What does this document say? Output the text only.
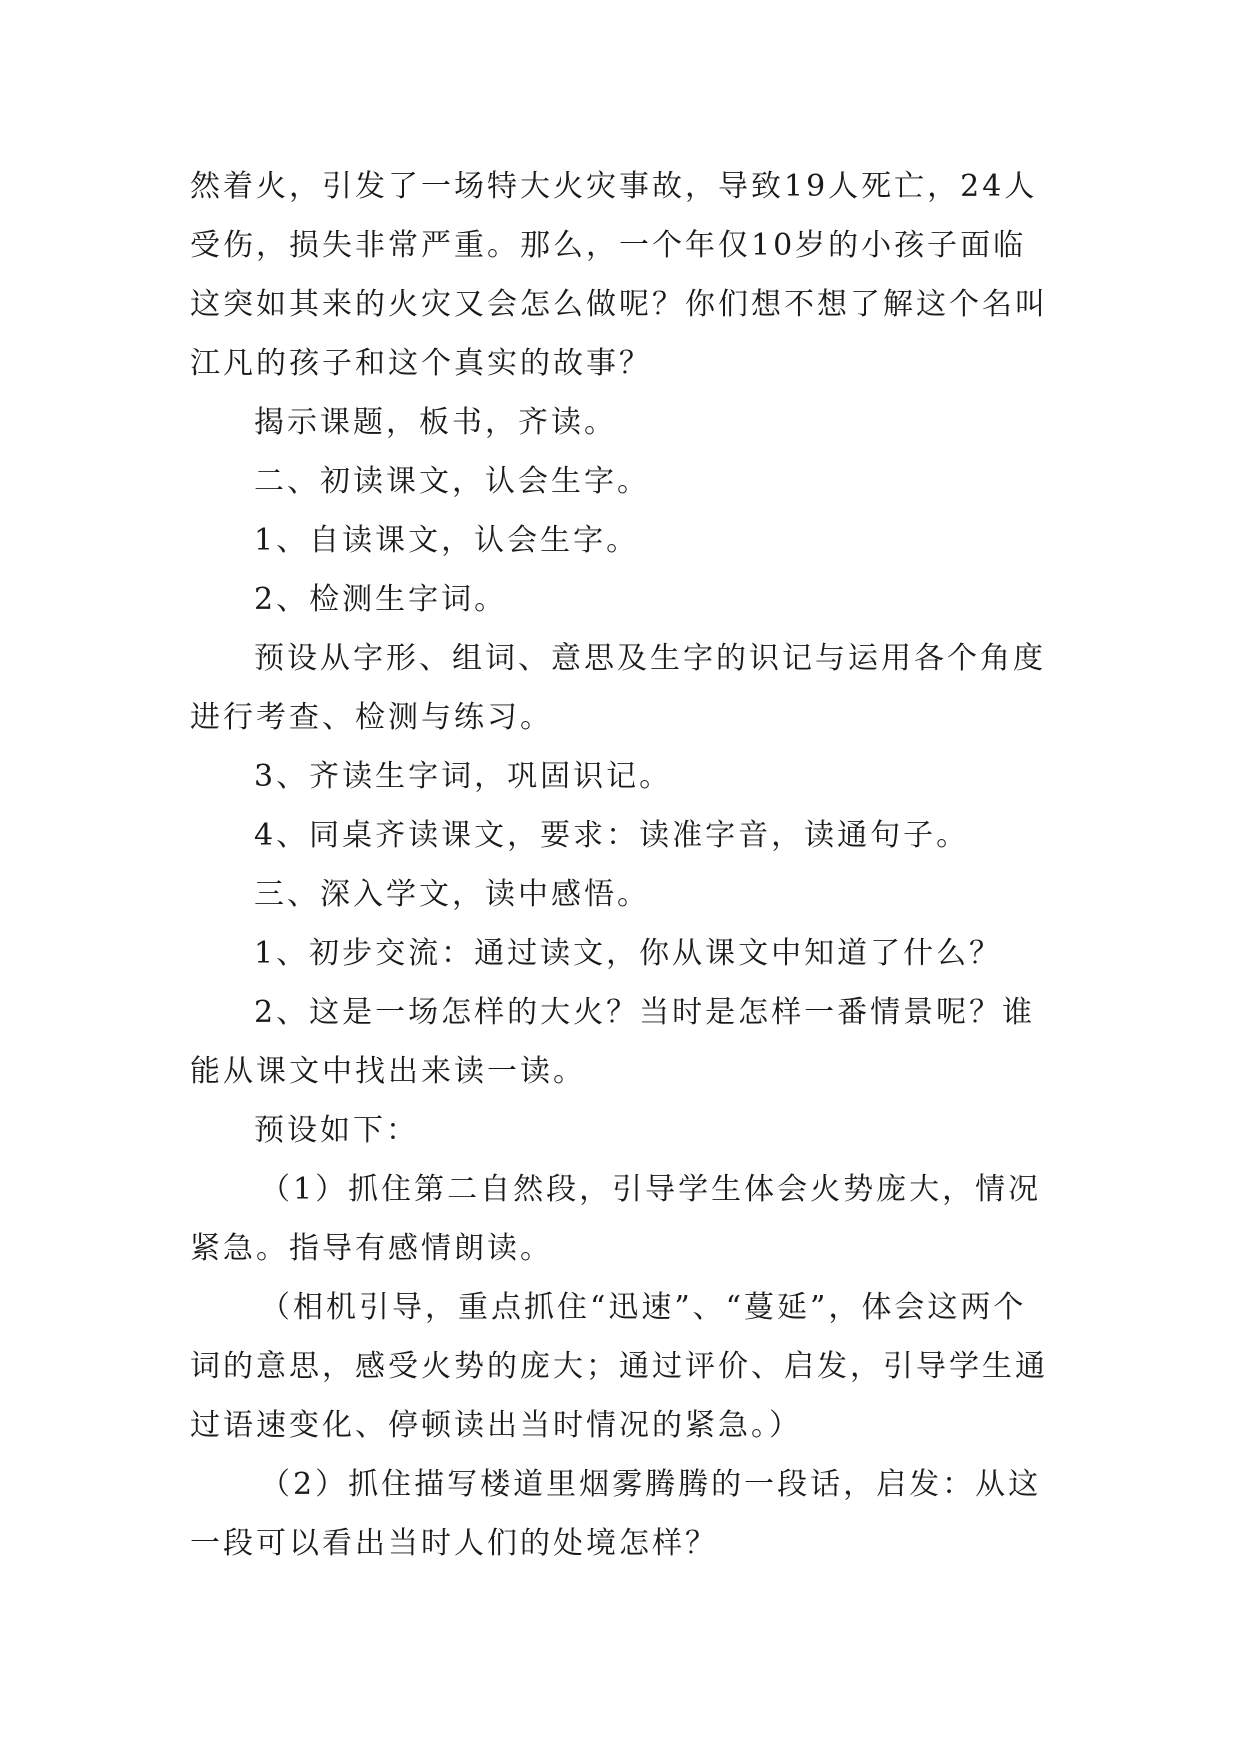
然着火，引发了一场特大火灾事故，导致19人死亡，24人受伤，损失非常严重。那么，一个年仅10岁的小孩子面临这突如其来的火灾又会怎么做呢？你们想不想了解这个名叫江凡的孩子和这个真实的故事？

揭示课题，板书，齐读。

二、初读课文，认会生字。

1、自读课文，认会生字。

2、检测生字词。

预设从字形、组词、意思及生字的识记与运用各个角度进行考查、检测与练习。

3、齐读生字词，巩固识记。

4、同桌齐读课文，要求：读准字音，读通句子。

三、深入学文，读中感悟。

1、初步交流：通过读文，你从课文中知道了什么？

2、这是一场怎样的大火？当时是怎样一番情景呢？谁能从课文中找出来读一读。

预设如下：

（1）抓住第二自然段，引导学生体会火势庞大，情况紧急。指导有感情朗读。

（相机引导，重点抓住“迅速”、“蔓延”，体会这两个词的意思，感受火势的庞大；通过评价、启发，引导学生通过语速变化、停顿读出当时情况的紧急。）

（2）抓住描写楼道里烟雾腾腾的一段话，启发：从这一段可以看出当时人们的处境怎样？
